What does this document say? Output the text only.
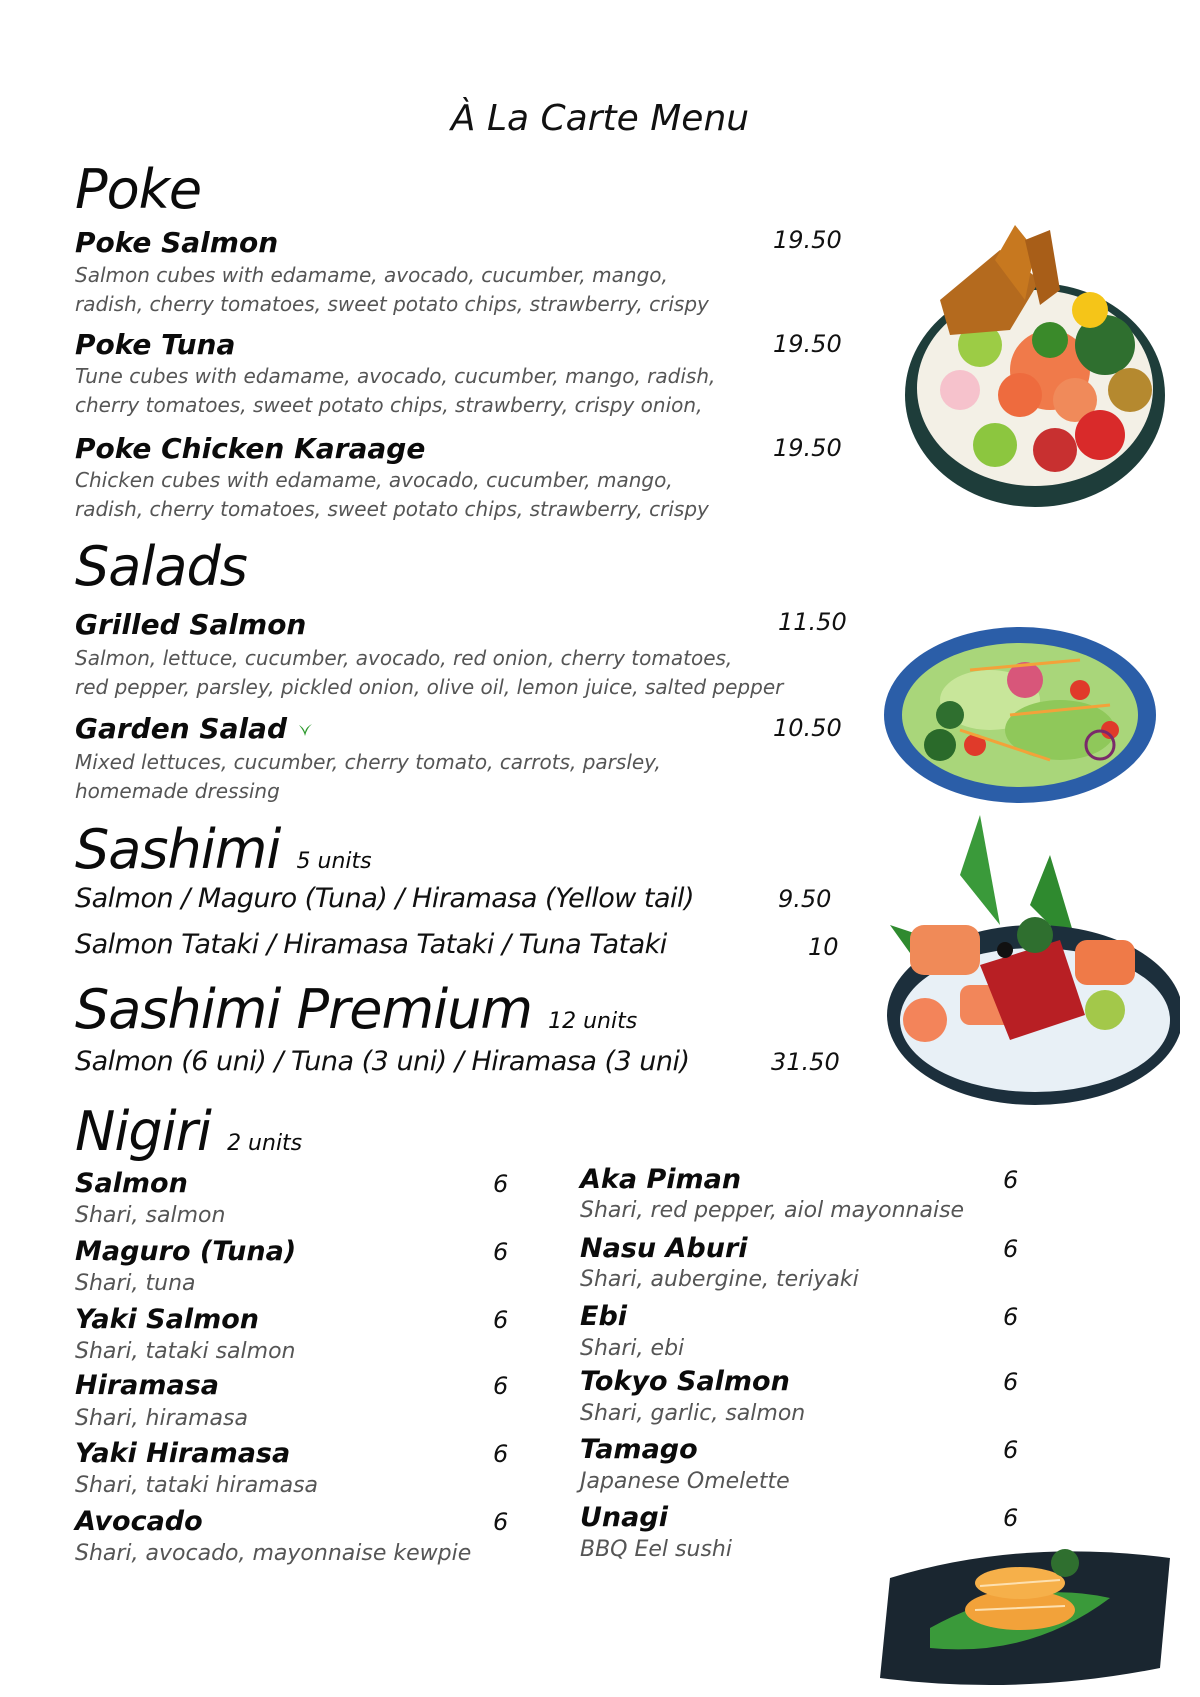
À La Carte Menu
Poke
Poke Salmon	19.50
Salmon cubes with edamame, avocado, cucumber, mango,
radish, cherry tomatoes, sweet potato chips, strawberry, crispy
Poke Tuna	19.50
Tune cubes with edamame, avocado, cucumber, mango, radish,
cherry tomatoes, sweet potato chips, strawberry, crispy onion,
Poke Chicken Karaage	19.50
Chicken cubes with edamame, avocado, cucumber, mango,
radish, cherry tomatoes, sweet potato chips, strawberry, crispy
Salads
Grilled Salmon	11.50
Salmon, lettuce, cucumber, avocado, red onion, cherry tomatoes,
red pepper, parsley, pickled onion, olive oil, lemon juice, salted pepper
Garden Salad	10.50
Mixed lettuces, cucumber, cherry tomato, carrots, parsley,
homemade dressing
Sashimi 5 units
Salmon / Maguro (Tuna) / Hiramasa (Yellow tail)	9.50
Salmon Tataki / Hiramasa Tataki / Tuna Tataki	10
Sashimi Premium 12 units
Salmon (6 uni) / Tuna (3 uni) / Hiramasa (3 uni)	31.50
Nigiri 2 units
Salmon	6
Shari, salmon
Maguro (Tuna)	6
Shari, tuna
Yaki Salmon	6
Shari, tataki salmon
Hiramasa	6
Shari, hiramasa
Yaki Hiramasa	6
Shari, tataki hiramasa
Avocado	6
Shari, avocado, mayonnaise kewpie
Aka Piman	6
Shari, red pepper, aiol mayonnaise
Nasu Aburi	6
Shari, aubergine, teriyaki
Ebi	6
Shari, ebi
Tokyo Salmon	6
Shari, garlic, salmon
Tamago	6
Japanese Omelette
Unagi	6
BBQ Eel sushi
